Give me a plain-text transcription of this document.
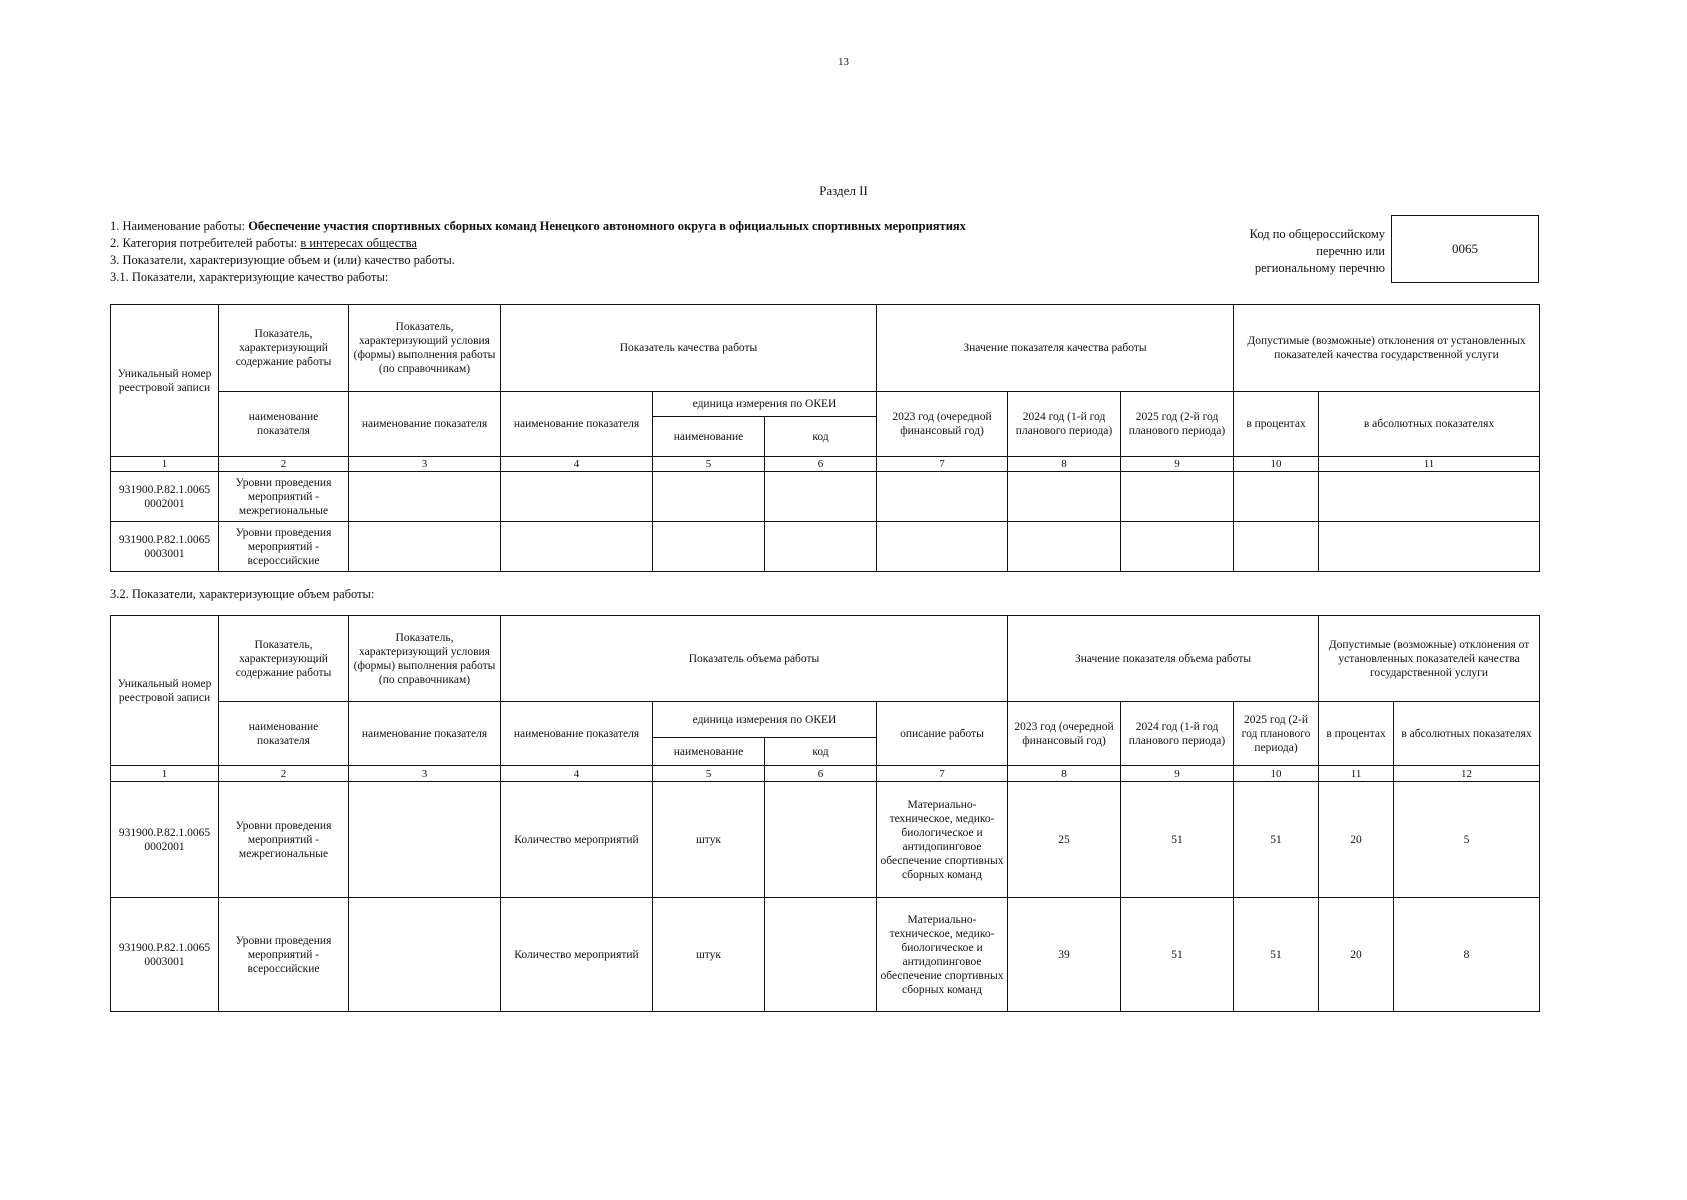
13
Раздел II
1. Наименование работы: Обеспечение участия спортивных сборных команд Ненецкого автономного округа в официальных спортивных мероприятиях
2. Категория потребителей работы: в интересах общества
3. Показатели, характеризующие объем и (или) качество работы.
3.1. Показатели, характеризующие качество работы:
Код по общероссийскому
перечню или
региональному перечню
0065
Уникальный номер реестровой записи	Показатель, характеризующий содержание работы	Показатель, характеризующий условия (формы) выполнения работы (по справочникам)	Показатель качества работы			Значение показателя качества работы			Допустимые (возможные) отклонения от установленных показателей качества государственной услуги	
	наименование показателя	наименование показателя	наименование показателя	единица измерения по ОКЕИ		2023 год (очередной финансовый год)	2024 год (1-й год планового периода)	2025 год (2-й год планового периода)	в процентах	в абсолютных показателях
				наименование	код					
1	2	3	4	5	6	7	8	9	10	11
931900.Р.82.1.0065 0002001	Уровни проведения мероприятий - межрегиональные									
931900.Р.82.1.0065 0003001	Уровни проведения мероприятий - всероссийские									
3.2. Показатели, характеризующие объем работы:
Уникальный номер реестровой записи	Показатель, характеризующий содержание работы	Показатель, характеризующий условия (формы) выполнения работы (по справочникам)	Показатель объема работы				Значение показателя объема работы			Допустимые (возможные) отклонения от установленных показателей качества государственной услуги	
	наименование показателя	наименование показателя	наименование показателя	единица измерения по ОКЕИ		описание работы	2023 год (очередной финансовый год)	2024 год (1-й год планового периода)	2025 год (2-й год планового периода)	в процентах	в абсолютных показателях
				наименование	код						
1	2	3	4	5	6	7	8	9	10	11	12
931900.Р.82.1.0065 0002001	Уровни проведения мероприятий - межрегиональные		Количество мероприятий	штук		Материально-техническое, медико-биологическое и антидопинговое обеспечение спортивных сборных команд	25	51	51	20	5
931900.Р.82.1.0065 0003001	Уровни проведения мероприятий - всероссийские		Количество мероприятий	штук		Материально-техническое, медико-биологическое и антидопинговое обеспечение спортивных сборных команд	39	51	51	20	8
